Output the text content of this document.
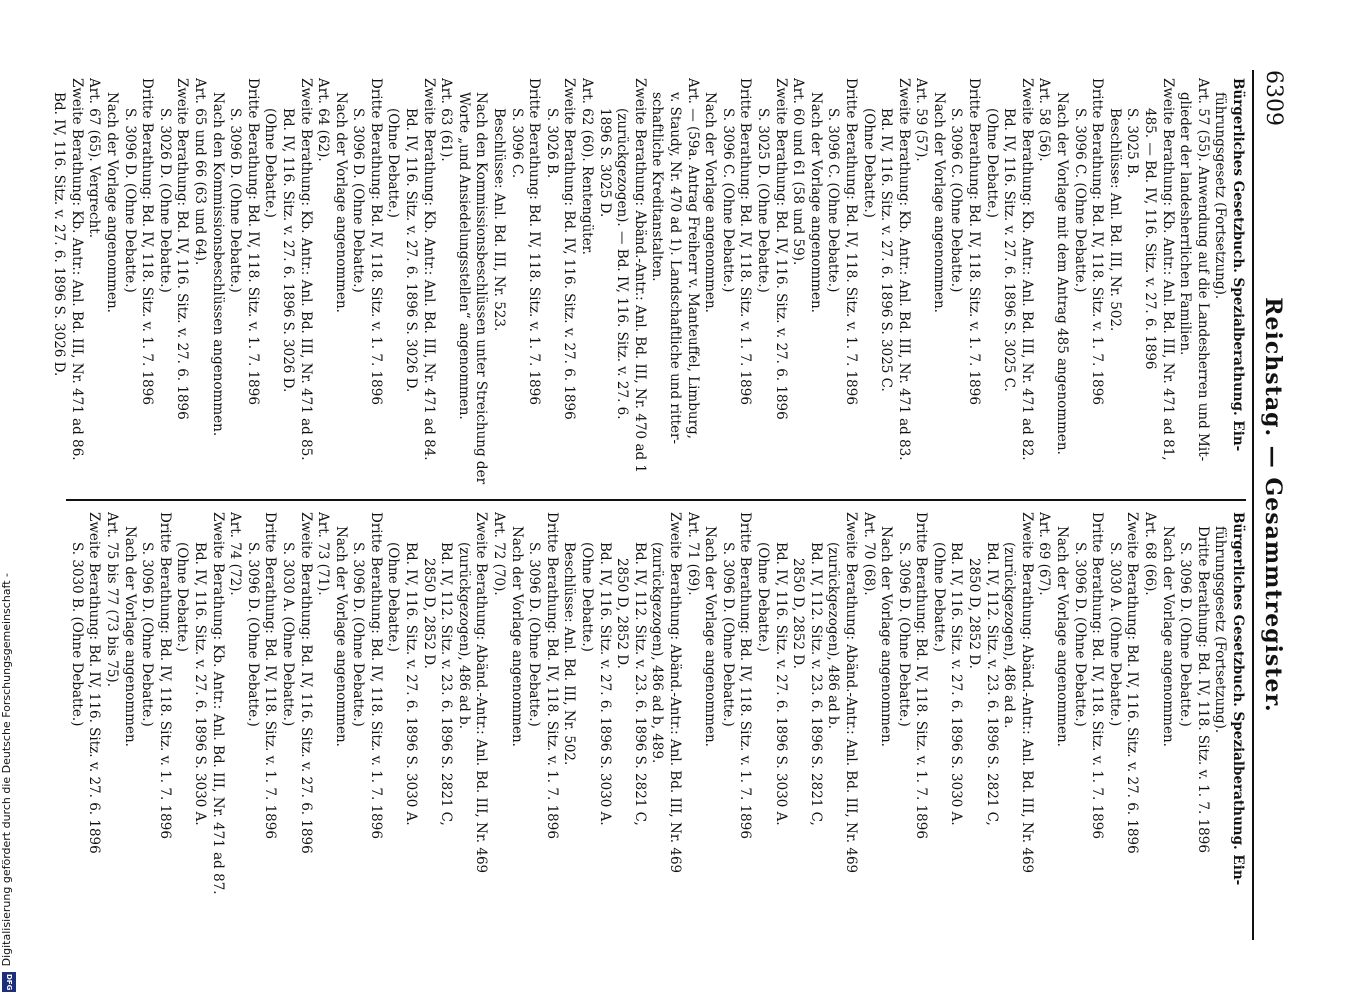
6309
Reichstag. — Gesammtregister.
Bürgerliches Gesetzbuch. Spezialberathung. Ein-
führungsgesetz (Fortsetzung).
Art. 57 (55). Anwendung auf die Landesherren und Mit-
glieder der landesherrlichen Familien.
Zweite Berathung: Kb. Antr.: Anl. Bd. III, Nr. 471 ad 81,
485. — Bd. IV, 116. Sitz. v. 27. 6. 1896
S. 3025 B.
Beschlüsse: Anl. Bd. III, Nr. 502.
Dritte Berathung: Bd. IV, 118. Sitz. v. 1. 7. 1896
S. 3096 C. (Ohne Debatte.)
Nach der Vorlage mit dem Antrag 485 angenommen.
Art. 58 (56).
Zweite Berathung: Kb. Antr.: Anl. Bd. III, Nr. 471 ad 82.
Bd. IV, 116. Sitz. v. 27. 6. 1896 S. 3025 C.
(Ohne Debatte.)
Dritte Berathung: Bd. IV, 118. Sitz. v. 1. 7. 1896
S. 3096 C. (Ohne Debatte.)
Nach der Vorlage angenommen.
Art. 59 (57).
Zweite Berathung: Kb. Antr.: Anl. Bd. III, Nr. 471 ad 83.
Bd. IV, 116. Sitz. v. 27. 6. 1896 S. 3025 C.
(Ohne Debatte.)
Dritte Berathung: Bd. IV, 118. Sitz. v. 1. 7. 1896
S. 3096 C. (Ohne Debatte.)
Nach der Vorlage angenommen.
Art. 60 und 61 (58 und 59).
Zweite Berathung: Bd. IV, 116. Sitz. v. 27. 6. 1896
S. 3025 D. (Ohne Debatte.)
Dritte Berathung: Bd. IV, 118. Sitz. v. 1. 7. 1896
S. 3096 C. (Ohne Debatte.)
Nach der Vorlage angenommen.
Art. — (59a. Antrag Freiherr v. Manteuffel, Limburg,
v. Staudy, Nr. 470 ad 1). Landschaftliche und ritter-
schaftliche Kreditanstalten.
Zweite Berathung: Abänd.-Antr.: Anl. Bd. III, Nr. 470 ad 1
(zurückgezogen). — Bd. IV, 116. Sitz. v. 27. 6.
1896 S. 3025 D.
Art. 62 (60). Rentengüter.
Zweite Berathung: Bd. IV, 116. Sitz. v. 27. 6. 1896
S. 3026 B.
Dritte Berathung: Bd. IV, 118. Sitz. v. 1. 7. 1896
S. 3096 C.
Beschlüsse: Anl. Bd. III, Nr. 523.
Nach den Kommissionsbeschlüssen unter Streichung der
Worte „und Ansiedelungsstellen“ angenommen.
Art. 63 (61).
Zweite Berathung: Kb. Antr.: Anl. Bd. III, Nr. 471 ad 84.
Bd. IV, 116. Sitz. v. 27. 6. 1896 S. 3026 D.
(Ohne Debatte.)
Dritte Berathung: Bd. IV, 118. Sitz. v. 1. 7. 1896
S. 3096 D. (Ohne Debatte.)
Nach der Vorlage angenommen.
Art. 64 (62).
Zweite Berathung: Kb. Antr.: Anl. Bd. III, Nr. 471 ad 85.
Bd. IV, 116. Sitz. v. 27. 6. 1896 S. 3026 D.
(Ohne Debatte.)
Dritte Berathung: Bd. IV, 118. Sitz. v. 1. 7. 1896
S. 3096 D. (Ohne Debatte.)
Nach den Kommissionsbeschlüssen angenommen.
Art. 65 und 66 (63 und 64).
Zweite Berathung: Bd. IV, 116. Sitz. v. 27. 6. 1896
S. 3026 D. (Ohne Debatte.)
Dritte Berathung: Bd. IV, 118. Sitz. v. 1. 7. 1896
S. 3096 D. (Ohne Debatte.)
Nach der Vorlage angenommen.
Art. 67 (65). Vergrecht.
Zweite Berathung: Kb. Antr.: Anl. Bd. III, Nr. 471 ad 86.
Bd. IV, 116. Sitz. v. 27. 6. 1896 S. 3026 D.
Bürgerliches Gesetzbuch. Spezialberathung. Ein-
führungsgesetz (Fortsetzung).
Dritte Berathung: Bd. IV, 118. Sitz. v. 1. 7. 1896
S. 3096 D. (Ohne Debatte.)
Nach der Vorlage angenommen.
Art. 68 (66).
Zweite Berathung: Bd. IV, 116. Sitz. v. 27. 6. 1896
S. 3030 A. (Ohne Debatte.)
Dritte Berathung: Bd. IV, 118. Sitz. v. 1. 7. 1896
S. 3096 D. (Ohne Debatte.)
Nach der Vorlage angenommen.
Art. 69 (67).
Zweite Berathung: Abänd.-Antr.: Anl. Bd. III, Nr. 469
(zurückgezogen), 486 ad a.
Bd. IV, 112. Sitz. v. 23. 6. 1896 S. 2821 C,
2850 D, 2852 D.
Bd. IV, 116. Sitz. v. 27. 6. 1896 S. 3030 A.
(Ohne Debatte.)
Dritte Berathung: Bd. IV, 118. Sitz. v. 1. 7. 1896
S. 3096 D. (Ohne Debatte.)
Nach der Vorlage angenommen.
Art. 70 (68).
Zweite Berathung: Abänd.-Antr.: Anl. Bd. III, Nr. 469
(zurückgezogen), 486 ad b.
Bd. IV, 112. Sitz. v. 23. 6. 1896 S. 2821 C,
2850 D, 2852 D.
Bd. IV, 116. Sitz. v. 27. 6. 1896 S. 3030 A.
(Ohne Debatte.)
Dritte Berathung: Bd. IV, 118. Sitz. v. 1. 7. 1896
S. 3096 D. (Ohne Debatte.)
Nach der Vorlage angenommen.
Art. 71 (69).
Zweite Berathung: Abänd.-Antr.: Anl. Bd. III, Nr. 469
(zurückgezogen), 486 ad b, 489.
Bd. IV, 112. Sitz. v. 23. 6. 1896 S. 2821 C,
2850 D, 2852 D.
Bd. IV, 116. Sitz. v. 27. 6. 1896 S. 3030 A.
(Ohne Debatte.)
Beschlüsse: Anl. Bd. III, Nr. 502.
Dritte Berathung: Bd. IV, 118. Sitz. v. 1. 7. 1896
S. 3096 D. (Ohne Debatte.)
Nach der Vorlage angenommen.
Art. 72 (70).
Zweite Berathung: Abänd.-Antr.: Anl. Bd. III, Nr. 469
(zurückgezogen), 486 ad b.
Bd. IV, 112. Sitz. v. 23. 6. 1896 S. 2821 C,
2850 D, 2852 D.
Bd. IV, 116. Sitz. v. 27. 6. 1896 S. 3030 A.
(Ohne Debatte.)
Dritte Berathung: Bd. IV, 118. Sitz. v. 1. 7. 1896
S. 3096 D. (Ohne Debatte.)
Nach der Vorlage angenommen.
Art. 73 (71).
Zweite Berathung: Bd. IV, 116. Sitz. v. 27. 6. 1896
S. 3030 A. (Ohne Debatte.)
Dritte Berathung: Bd. IV, 118. Sitz. v. 1. 7. 1896
S. 3096 D. (Ohne Debatte.)
Art. 74 (72).
Zweite Berathung: Kb. Antr.: Anl. Bd. III, Nr. 471 ad 87.
Bd. IV, 116. Sitz. v. 27. 6. 1896 S. 3030 A.
(Ohne Debatte.)
Dritte Berathung: Bd. IV, 118. Sitz. v. 1. 7. 1896
S. 3096 D. (Ohne Debatte.)
Nach der Vorlage angenommen.
Art. 75 bis 77 (73 bis 75).
Zweite Berathung: Bd. IV, 116. Sitz. v. 27. 6. 1896
S. 3030 B. (Ohne Debatte.)
Digitalisierung gefördert durch die Deutsche Forschungsgemeinschaft -
DFG
